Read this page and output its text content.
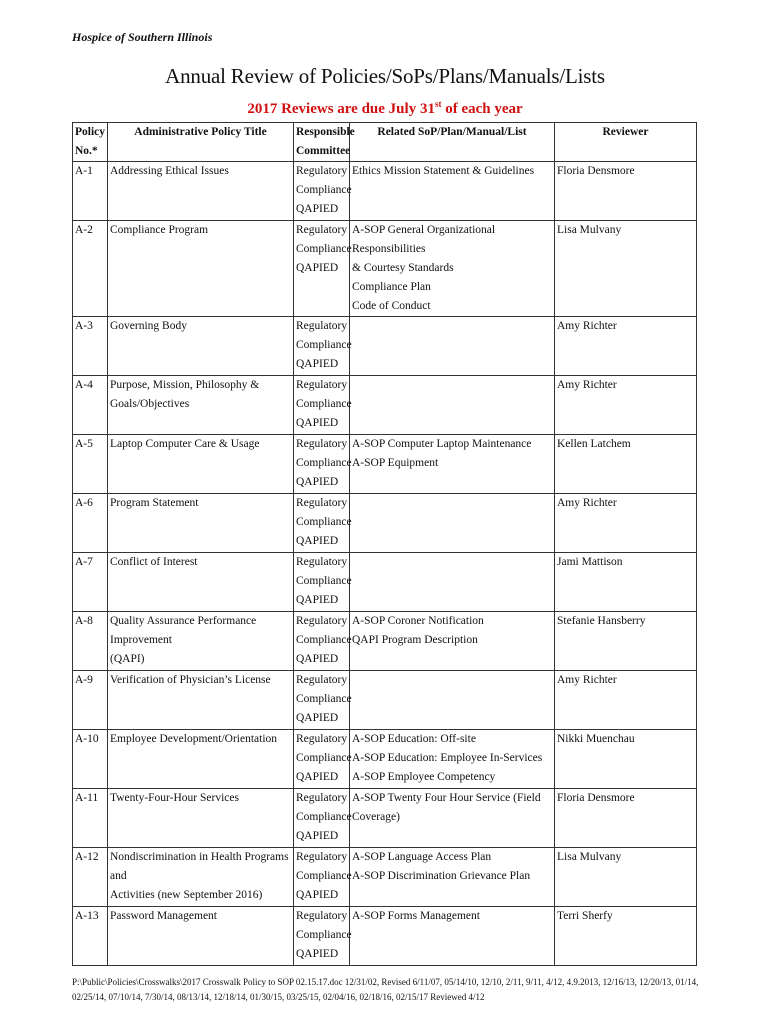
Hospice of Southern Illinois
Annual Review of Policies/SoPs/Plans/Manuals/Lists
2017 Reviews are due July 31st of each year
Policy
No.*	Administrative Policy Title	Responsible
Committee	Related SoP/Plan/Manual/List	Reviewer
A-1	Addressing Ethical Issues	Regulatory
Compliance
QAPIED	Ethics Mission Statement & Guidelines	Floria Densmore
A-2	Compliance Program	Regulatory
Compliance
QAPIED	A-SOP General Organizational Responsibilities
& Courtesy Standards
Compliance Plan
Code of Conduct	Lisa Mulvany
A-3	Governing Body	Regulatory
Compliance
QAPIED		Amy Richter
A-4	Purpose, Mission, Philosophy &
Goals/Objectives	Regulatory
Compliance
QAPIED		Amy Richter
A-5	Laptop Computer Care & Usage	Regulatory
Compliance
QAPIED	A-SOP Computer Laptop Maintenance
A-SOP Equipment	Kellen Latchem
A-6	Program Statement	Regulatory
Compliance
QAPIED		Amy Richter
A-7	Conflict of Interest	Regulatory
Compliance
QAPIED		Jami Mattison
A-8	Quality Assurance Performance Improvement
(QAPI)	Regulatory
Compliance
QAPIED	A-SOP Coroner Notification
QAPI Program Description	Stefanie Hansberry
A-9	Verification of Physician’s License	Regulatory
Compliance
QAPIED		Amy Richter
A-10	Employee Development/Orientation	Regulatory
Compliance
QAPIED	A-SOP Education: Off-site
A-SOP Education: Employee In-Services
A-SOP Employee Competency	Nikki Muenchau
A-11	Twenty-Four-Hour Services	Regulatory
Compliance
QAPIED	A-SOP Twenty Four Hour Service (Field
Coverage)	Floria Densmore
A-12	Nondiscrimination in Health Programs and
Activities (new September 2016)	Regulatory
Compliance
QAPIED	A-SOP Language Access Plan
A-SOP Discrimination Grievance Plan	Lisa Mulvany
A-13	Password Management	Regulatory
Compliance
QAPIED	A-SOP Forms Management	Terri Sherfy
P:\Public\Policies\Crosswalks\2017 Crosswalk Policy to SOP 02.15.17.doc 12/31/02, Revised 6/11/07, 05/14/10, 12/10, 2/11, 9/11, 4/12, 4.9.2013, 12/16/13, 12/20/13, 01/14, 02/25/14, 07/10/14, 7/30/14, 08/13/14, 12/18/14, 01/30/15, 03/25/15, 02/04/16, 02/18/16, 02/15/17 Reviewed 4/12
